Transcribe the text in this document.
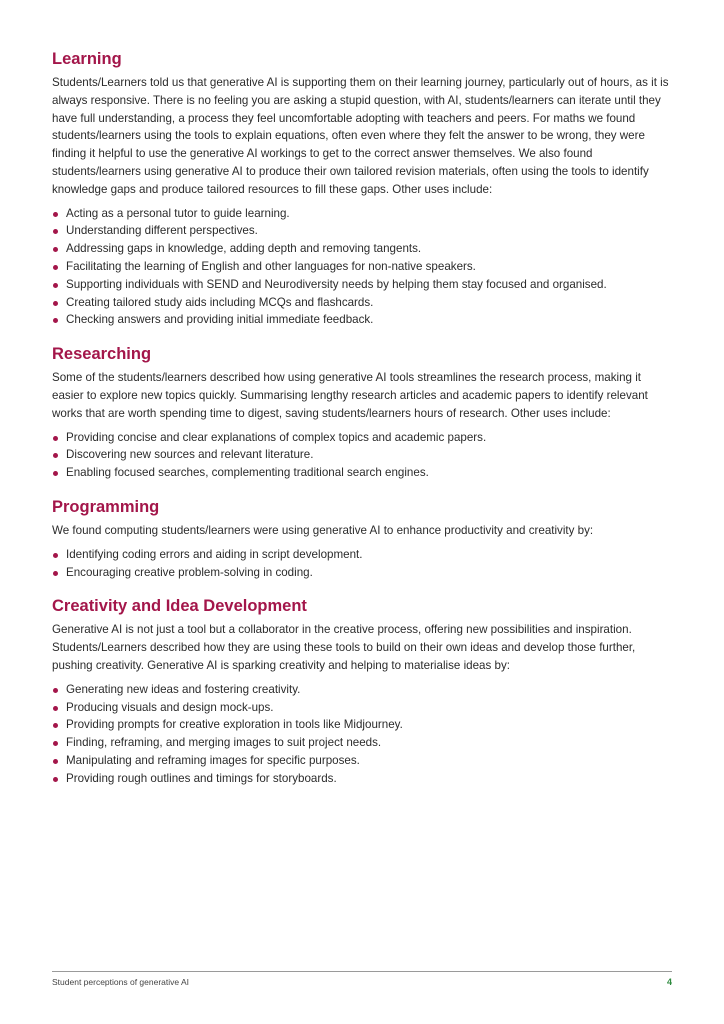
Learning

Students/Learners told us that generative AI is supporting them on their learning journey, particularly out of hours, as it is always responsive. There is no feeling you are asking a stupid question, with AI, students/learners can iterate until they have full understanding, a process they feel uncomfortable adopting with teachers and peers. For maths we found students/learners using the tools to explain equations, often even where they felt the answer to be wrong, they were finding it helpful to use the generative AI workings to get to the correct answer themselves. We also found students/learners using generative AI to produce their own tailored revision materials, often using the tools to identify knowledge gaps and produce tailored resources to fill these gaps. Other uses include:

Acting as a personal tutor to guide learning.
Understanding different perspectives.
Addressing gaps in knowledge, adding depth and removing tangents.
Facilitating the learning of English and other languages for non-native speakers.
Supporting individuals with SEND and Neurodiversity needs by helping them stay focused and organised.
Creating tailored study aids including MCQs and flashcards.
Checking answers and providing initial immediate feedback.
Researching

Some of the students/learners described how using generative AI tools streamlines the research process, making it easier to explore new topics quickly. Summarising lengthy research articles and academic papers to identify relevant works that are worth spending time to digest, saving students/learners hours of research. Other uses include:

Providing concise and clear explanations of complex topics and academic papers.
Discovering new sources and relevant literature.
Enabling focused searches, complementing traditional search engines.
Programming

We found computing students/learners were using generative AI to enhance productivity and creativity by:

Identifying coding errors and aiding in script development.
Encouraging creative problem-solving in coding.
Creativity and Idea Development

Generative AI is not just a tool but a collaborator in the creative process, offering new possibilities and inspiration. Students/Learners described how they are using these tools to build on their own ideas and develop those further, pushing creativity. Generative AI is sparking creativity and helping to materialise ideas by:

Generating new ideas and fostering creativity.
Producing visuals and design mock-ups.
Providing prompts for creative exploration in tools like Midjourney.
Finding, reframing, and merging images to suit project needs.
Manipulating and reframing images for specific purposes.
Providing rough outlines and timings for storyboards.
Student perceptions of generative AI	4
